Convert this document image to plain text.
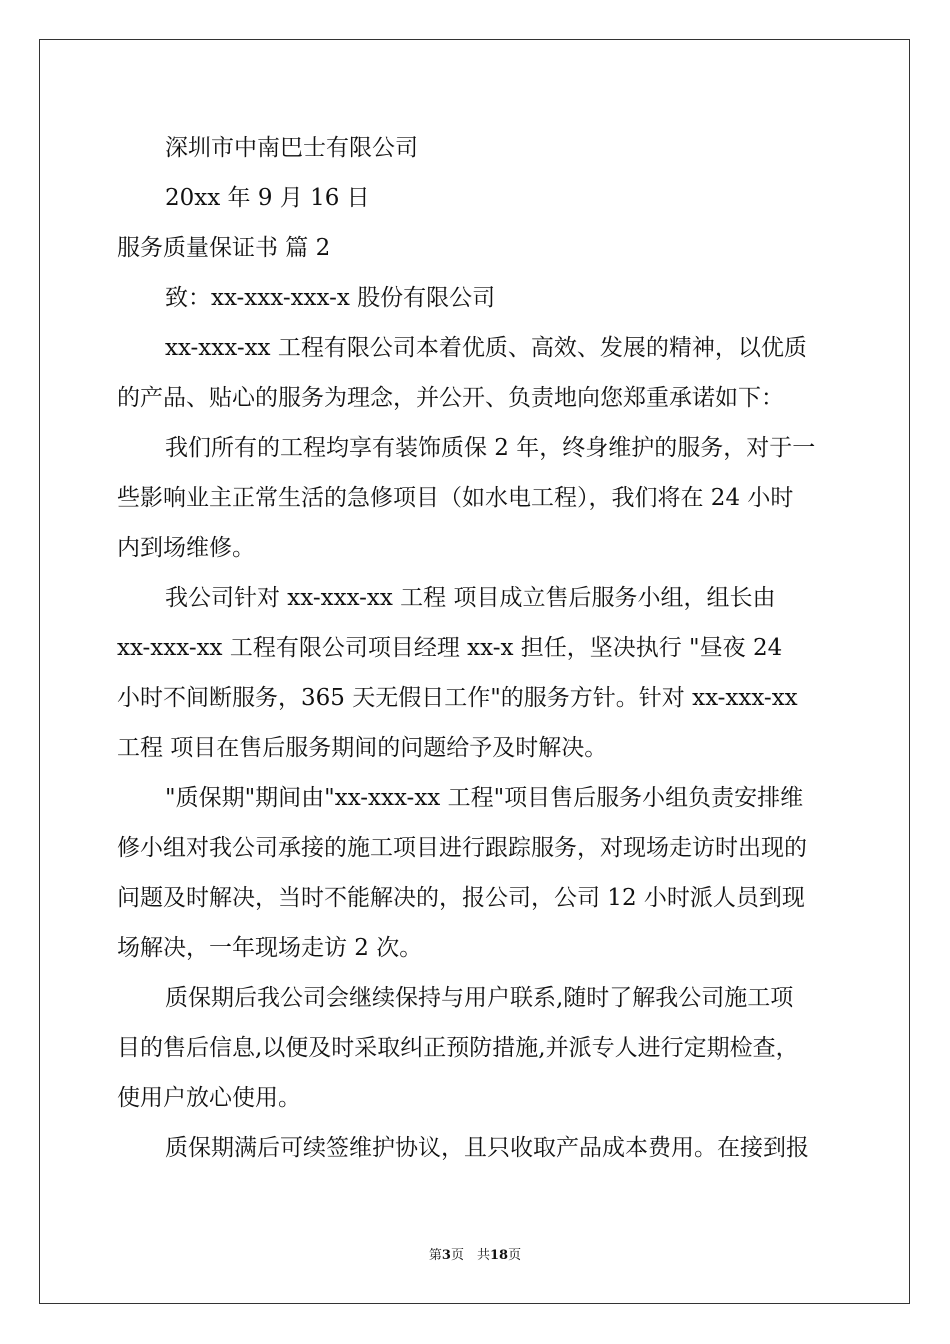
深圳市中南巴士有限公司
20xx 年 9 月 16 日
服务质量保证书 篇 2
致：xx-xxx-xxx-x 股份有限公司
xx-xxx-xx 工程有限公司本着优质、高效、发展的精神，以优质
的产品、贴心的服务为理念，并公开、负责地向您郑重承诺如下：
我们所有的工程均享有装饰质保 2 年，终身维护的服务，对于一
些影响业主正常生活的急修项目（如水电工程），我们将在 24 小时
内到场维修。
我公司针对 xx-xxx-xx 工程 项目成立售后服务小组，组长由
xx-xxx-xx 工程有限公司项目经理 xx-x 担任，坚决执行 "昼夜 24
小时不间断服务，365 天无假日工作"的服务方针。针对 xx-xxx-xx
工程 项目在售后服务期间的问题给予及时解决。
"质保期"期间由"xx-xxx-xx 工程"项目售后服务小组负责安排维
修小组对我公司承接的施工项目进行跟踪服务，对现场走访时出现的
问题及时解决，当时不能解决的，报公司，公司 12 小时派人员到现
场解决，一年现场走访 2 次。
质保期后我公司会继续保持与用户联系,随时了解我公司施工项
目的售后信息,以便及时采取纠正预防措施,并派专人进行定期检查，
使用户放心使用。
质保期满后可续签维护协议，且只收取产品成本费用。在接到报
第3页　共18页
